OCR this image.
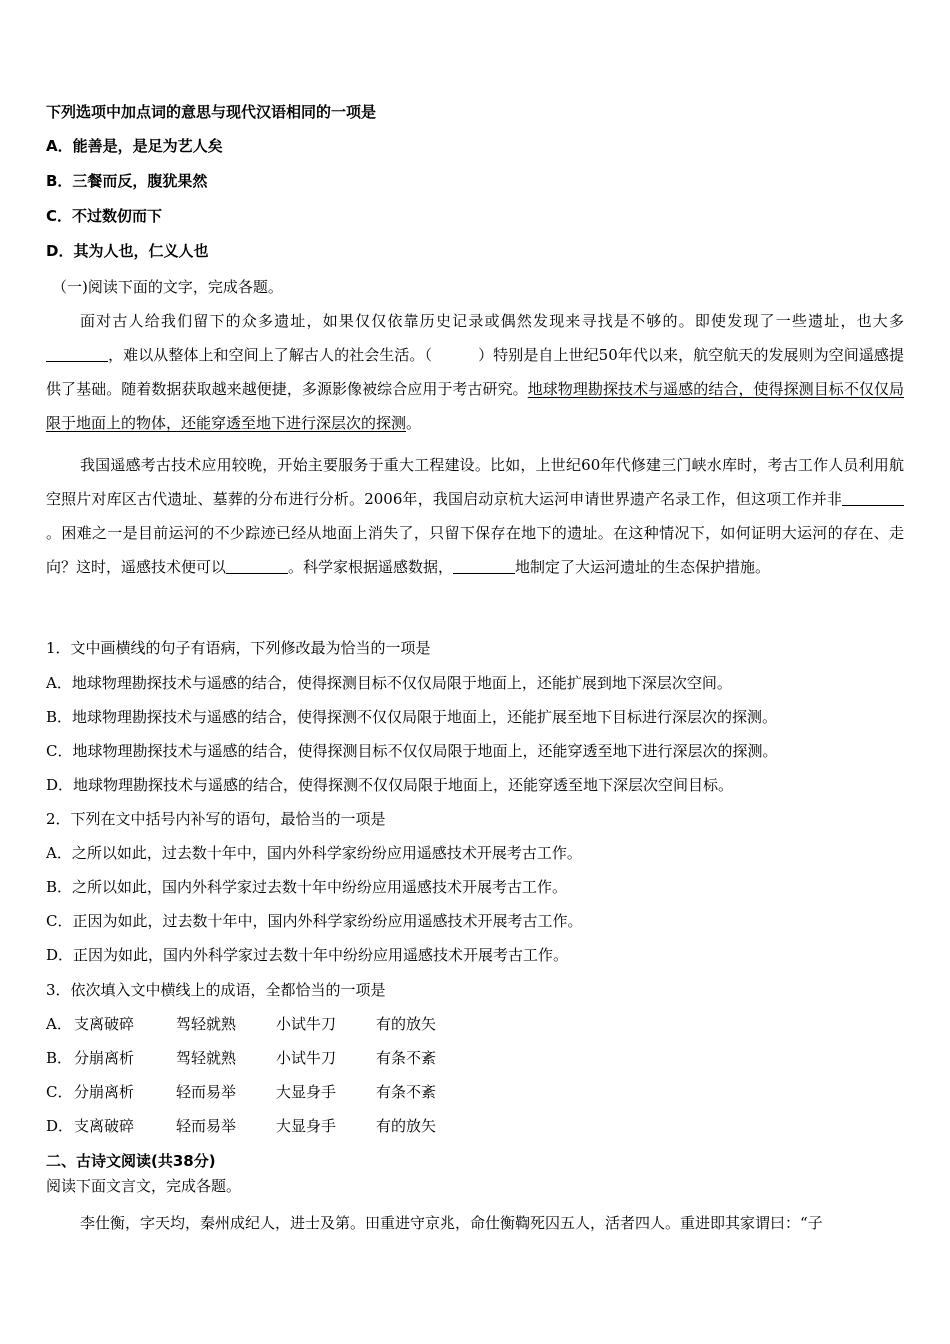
下列选项中加点词的意思与现代汉语相同的一项是
A．能善是，是足为艺人矣
B．三餐而反，腹犹果然
C．不过数仞而下
D．其为人也，仁义人也
（一)阅读下面的文字，完成各题。
面对古人给我们留下的众多遗址，如果仅仅依靠历史记录或偶然发现来寻找是不够的。即使发现了一些遗址，也大多，难以从整体上和空间上了解古人的社会生活。（	）特别是自上世纪50年代以来，航空航天的发展则为空间遥感提供了基础。随着数据获取越来越便捷，多源影像被综合应用于考古研究。地球物理勘探技术与遥感的结合，使得探测目标不仅仅局限于地面上的物体，还能穿透至地下进行深层次的探测。
我国遥感考古技术应用较晚，开始主要服务于重大工程建设。比如，上世纪60年代修建三门峡水库时，考古工作人员利用航空照片对库区古代遗址、墓葬的分布进行分析。2006年，我国启动京杭大运河申请世界遗产名录工作，但这项工作并非。困难之一是目前运河的不少踪迹已经从地面上消失了，只留下保存在地下的遗址。在这种情况下，如何证明大运河的存在、走向？这时，遥感技术便可以	。科学家根据遥感数据，	地制定了大运河遗址的生态保护措施。
1．文中画横线的句子有语病，下列修改最为恰当的一项是
A．地球物理勘探技术与遥感的结合，使得探测目标不仅仅局限于地面上，还能扩展到地下深层次空间。
B．地球物理勘探技术与遥感的结合，使得探测不仅仅局限于地面上，还能扩展至地下目标进行深层次的探测。
C．地球物理勘探技术与遥感的结合，使得探测目标不仅仅局限于地面上，还能穿透至地下进行深层次的探测。
D．地球物理勘探技术与遥感的结合，使得探测不仅仅局限于地面上，还能穿透至地下深层次空间目标。
2．下列在文中括号内补写的语句，最恰当的一项是
A．之所以如此，过去数十年中，国内外科学家纷纷应用遥感技术开展考古工作。
B．之所以如此，国内外科学家过去数十年中纷纷应用遥感技术开展考古工作。
C．正因为如此，过去数十年中，国内外科学家纷纷应用遥感技术开展考古工作。
D．正因为如此，国内外科学家过去数十年中纷纷应用遥感技术开展考古工作。
3．依次填入文中横线上的成语，全都恰当的一项是
A． 支离破碎	驾轻就熟	小试牛刀	有的放矢
B． 分崩离析	驾轻就熟	小试牛刀	有条不紊
C． 分崩离析	轻而易举	大显身手	有条不紊
D．支离破碎	轻而易举	大显身手	有的放矢
二、古诗文阅读(共38分)
阅读下面文言文，完成各题。
李仕衡，字天均，秦州成纪人，进士及第。田重进守京兆，命仕衡鞫死囚五人，活者四人。重进即其家谓曰：“子
